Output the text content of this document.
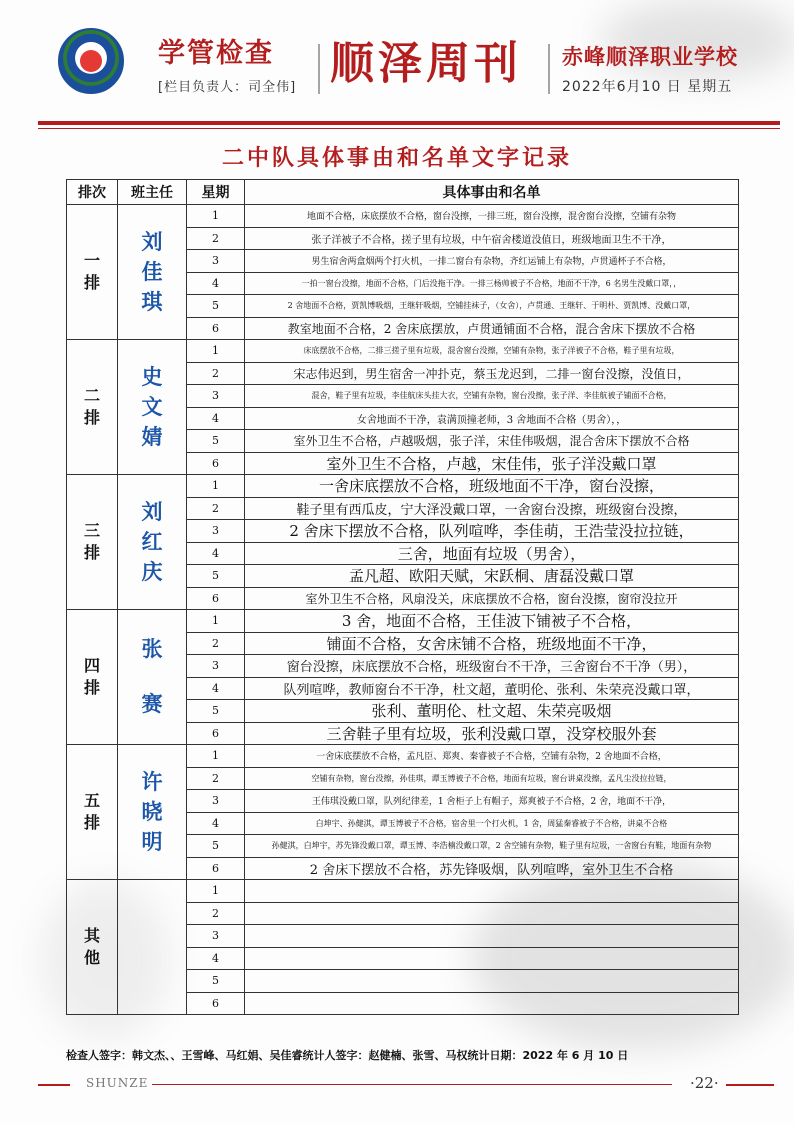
学管检查
[栏目负责人：司全伟] 顺泽周刊 赤峰顺泽职业学校
2022年6月10 日 星期五
二中队具体事由和名单文字记录
排次	班主任	星期	具体事由和名单

一排	刘佳琪	1	地面不合格，床底摆放不合格，窗台没擦，一排三班，窗台没擦，混舍窗台没擦，空铺有杂物
		2	张子洋被子不合格，搓子里有垃圾，中午宿舍楼道没值日，班级地面卫生不干净，
		3	男生宿舍两盒烟两个打火机，一排二窗台有杂物，齐红运铺上有杂物，卢贯通杯子不合格，
		4	一拍一窗台没擦，地面不合格，门后没拖干净。一排三杨帅被子不合格，地面不干净，6 名男生没戴口罩，，
		5	2 舍地面不合格，贾凯博吸烟，王继轩吸烟，空铺挂袜子，（女舍），卢贯通、王继轩、于明朴、贾凯博、没戴口罩，
		6	教室地面不合格，2 舍床底摆放，卢贯通铺面不合格，混合舍床下摆放不合格

二排	史文婧	1	床底摆放不合格，二排三搓子里有垃圾，混舍窗台没擦，空铺有杂物，张子洋被子不合格，鞋子里有垃圾，
		2	宋志伟迟到，男生宿舍一冲扑克，蔡玉龙迟到，二排一窗台没擦，没值日，
		3	混舍，鞋子里有垃圾，李佳航床头挂大衣，空铺有杂物，窗台没擦，张子洋、李佳航被子铺面不合格，
		4	女舍地面不干净，袁满顶撞老师，3 舍地面不合格（男舍），，
		5	室外卫生不合格，卢越吸烟，张子洋，宋佳伟吸烟，混合舍床下摆放不合格
		6	室外卫生不合格，卢越，宋佳伟，张子洋没戴口罩

三排	刘红庆	1	一舍床底摆放不合格，班级地面不干净，窗台没擦，
		2	鞋子里有西瓜皮，宁大泽没戴口罩，一舍窗台没擦，班级窗台没擦，
		3	2 舍床下摆放不合格，队列喧哗，李佳萌，王浩莹没拉拉链，
		4	三舍，地面有垃圾（男舍），
		5	孟凡超、欧阳天赋，宋跃桐、唐磊没戴口罩
		6	室外卫生不合格，风扇没关，床底摆放不合格，窗台没擦，窗帘没拉开

四排	张赛	1	3 舍，地面不合格，王佳波下铺被子不合格，
		2	铺面不合格，女舍床铺不合格，班级地面不干净，
		3	窗台没擦，床底摆放不合格，班级窗台不干净，三舍窗台不干净（男），
		4	队列喧哗，教师窗台不干净，杜文超，董明伦、张利、朱荣亮没戴口罩，
		5	张利、董明伦、杜文超、朱荣亮吸烟
		6	三舍鞋子里有垃圾，张利没戴口罩，没穿校服外套

五排	许晓明	1	一舍床底摆放不合格，孟凡臣、郑爽、秦睿被子不合格，空铺有杂物，2 舍地面不合格，
		2	空铺有杂物，窗台没擦，孙佳琪，谭玉博被子不合格，地面有垃圾，窗台讲桌没擦，孟凡尘没拉拉链，
		3	王伟琪没戴口罩，队列纪律差，1 舍柜子上有帽子，郑爽被子不合格，2 舍，地面不干净，
		4	白坤宇、孙健淇，谭玉博被子不合格，宿舍里一个打火机，1 舍，周猛秦睿被子不合格，讲桌不合格
		5	孙健淇，白坤宇，苏先锋没戴口罩，谭玉博、李浩楠没戴口罩，2 舍空铺有杂物，鞋子里有垃圾，一舍窗台有鞋，地面有杂物
		6	2 舍床下摆放不合格，苏先锋吸烟，队列喧哗，室外卫生不合格

其他		1	
		2	
		3	
		4	
		5	
		6	
检查人签字：韩文杰、、王雪峰、马红娟、吴佳睿统计人签字：赵健楠、张雪、马权统计日期：2022 年 6 月 10 日
SHUNZE	·22·
